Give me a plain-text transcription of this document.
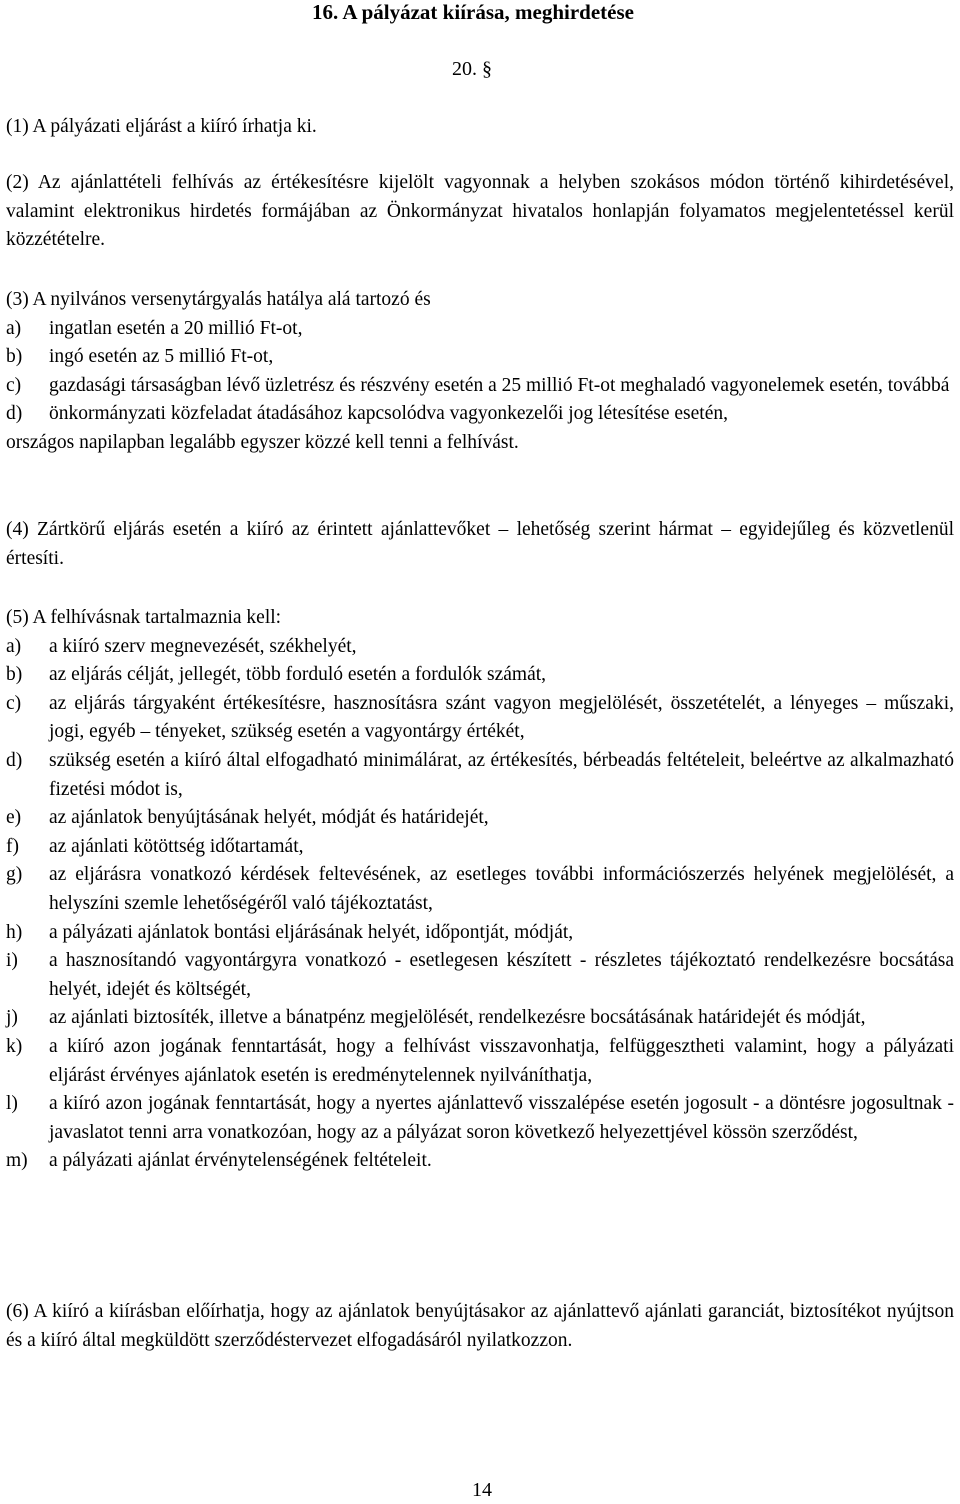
16. A pályázat kiírása, meghirdetése

20. §

(1) A pályázati eljárást a kiíró írhatja ki.

(2) Az ajánlattételi felhívás az értékesítésre kijelölt vagyonnak a helyben szokásos módon történő kihirdetésével, valamint elektronikus hirdetés formájában az Önkormányzat hivatalos honlapján folyamatos megjelentetéssel kerül közzétételre.

(3) A nyilvános versenytárgyalás hatálya alá tartozó és
a)	ingatlan esetén a 20 millió Ft-ot,
b)	ingó esetén az 5 millió Ft-ot,
c)	gazdasági társaságban lévő üzletrész és részvény esetén a 25 millió Ft-ot meghaladó vagyonelemek esetén, továbbá
d)	önkormányzati közfeladat átadásához kapcsolódva vagyonkezelői jog létesítése esetén,
országos napilapban legalább egyszer közzé kell tenni a felhívást.

(4) Zártkörű eljárás esetén a kiíró az érintett ajánlattevőket – lehetőség szerint hármat – egyidejűleg és közvetlenül értesíti.

(5) A felhívásnak tartalmaznia kell:
a)	a kiíró szerv megnevezését, székhelyét,
b)	az eljárás célját, jellegét, több forduló esetén a fordulók számát,
c)	az eljárás tárgyaként értékesítésre, hasznosításra szánt vagyon megjelölését, összetételét, a lényeges – műszaki, jogi, egyéb – tényeket, szükség esetén a vagyontárgy értékét,
d)	szükség esetén a kiíró által elfogadható minimálárat, az értékesítés, bérbeadás feltételeit, beleértve az alkalmazható fizetési módot is,
e)	az ajánlatok benyújtásának helyét, módját és határidejét,
f)	az ajánlati kötöttség időtartamát,
g)	az eljárásra vonatkozó kérdések feltevésének, az esetleges további információszerzés helyének megjelölését, a helyszíni szemle lehetőségéről való tájékoztatást,
h)	a pályázati ajánlatok bontási eljárásának helyét, időpontját, módját,
i)	a hasznosítandó vagyontárgyra vonatkozó - esetlegesen készített - részletes tájékoztató rendelkezésre bocsátása helyét, idejét és költségét,
j)	az ajánlati biztosíték, illetve a bánatpénz megjelölését, rendelkezésre bocsátásának határidejét és módját,
k)	a kiíró azon jogának fenntartását, hogy a felhívást visszavonhatja, felfüggesztheti valamint, hogy a pályázati eljárást érvényes ajánlatok esetén is eredménytelennek nyilváníthatja,
l)	a kiíró azon jogának fenntartását, hogy a nyertes ajánlattevő visszalépése esetén jogosult - a döntésre jogosultnak - javaslatot tenni arra vonatkozóan, hogy az a pályázat soron következő helyezettjével kössön szerződést,
m)	a pályázati ajánlat érvénytelenségének feltételeit.

(6) A kiíró a kiírásban előírhatja, hogy az ajánlatok benyújtásakor az ajánlattevő ajánlati garanciát, biztosítékot nyújtson és a kiíró által megküldött szerződéstervezet elfogadásáról nyilatkozzon.

14
